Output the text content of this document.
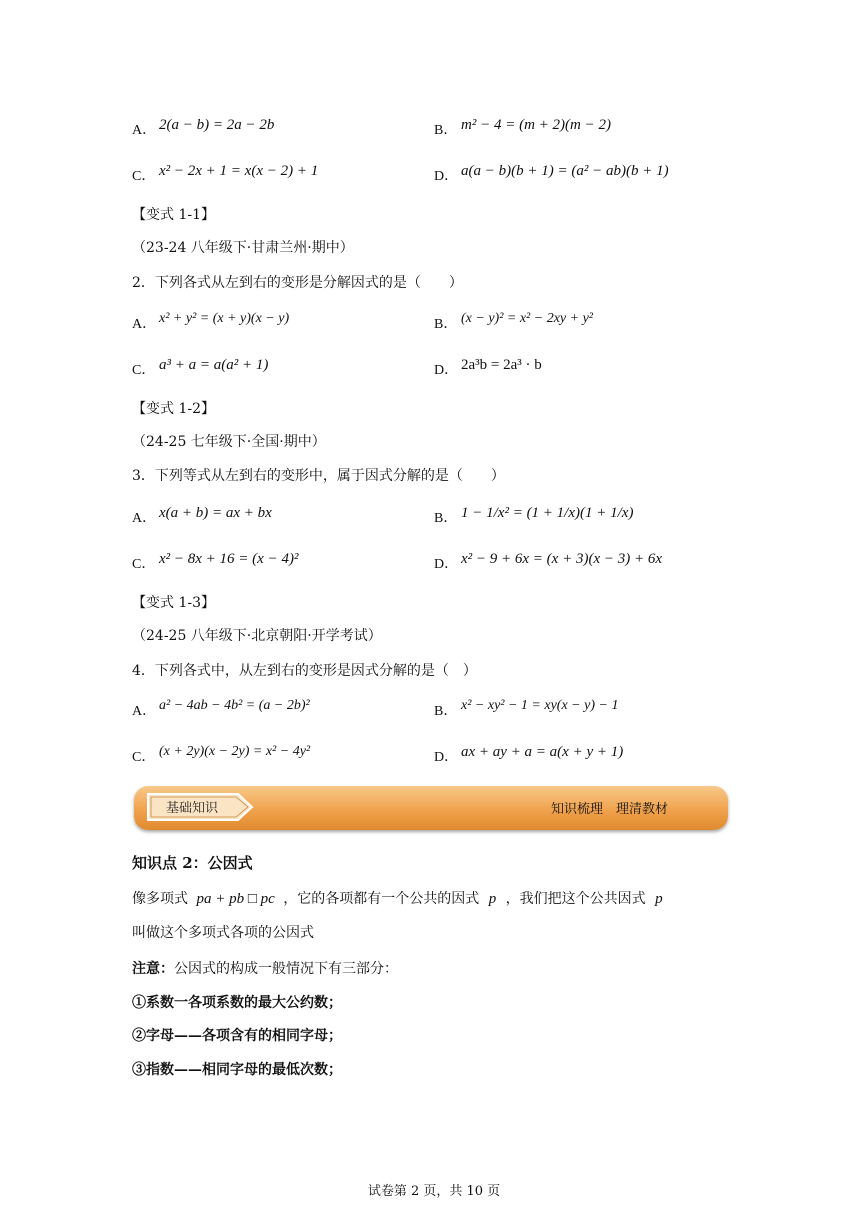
A． 2(a − b) = 2a − 2b	B． m² − 4 = (m + 2)(m − 2)
C． x² − 2x + 1 = x(x − 2) + 1	D． a(a − b)(b + 1) = (a² − ab)(b + 1)
【变式 1-1】
（23-24 八年级下·甘肃兰州·期中）
2．下列各式从左到右的变形是分解因式的是（　　）
A． x² + y² = (x + y)(x − y)	B． (x − y)² = x² − 2xy + y²
C． a³ + a = a(a² + 1)	D． 2a³b = 2a³ · b
【变式 1-2】
（24-25 七年级下·全国·期中）
3．下列等式从左到右的变形中，属于因式分解的是（　　）
A． x(a + b) = ax + bx	B． 1 − 1/x² = (1 + 1/x)(1 + 1/x)
C． x² − 8x + 16 = (x − 4)²	D． x² − 9 + 6x = (x + 3)(x − 3) + 6x
【变式 1-3】
（24-25 八年级下·北京朝阳·开学考试）
4．下列各式中，从左到右的变形是因式分解的是（　）
A． a² − 4ab − 4b² = (a − 2b)²	B． x² − xy² − 1 = xy(x − y) − 1
C． (x + 2y)(x − 2y) = x² − 4y²	D． ax + ay + a = a(x + y + 1)
基础知识	知识梳理　理清教材
知识点 2：公因式
像多项式 pa + pb □ pc ，它的各项都有一个公共的因式 p ，我们把这个公共因式 p
叫做这个多项式各项的公因式
注意：公因式的构成一般情况下有三部分：
①系数一各项系数的最大公约数；
②字母——各项含有的相同字母；
③指数——相同字母的最低次数；
试卷第 2 页，共 10 页
